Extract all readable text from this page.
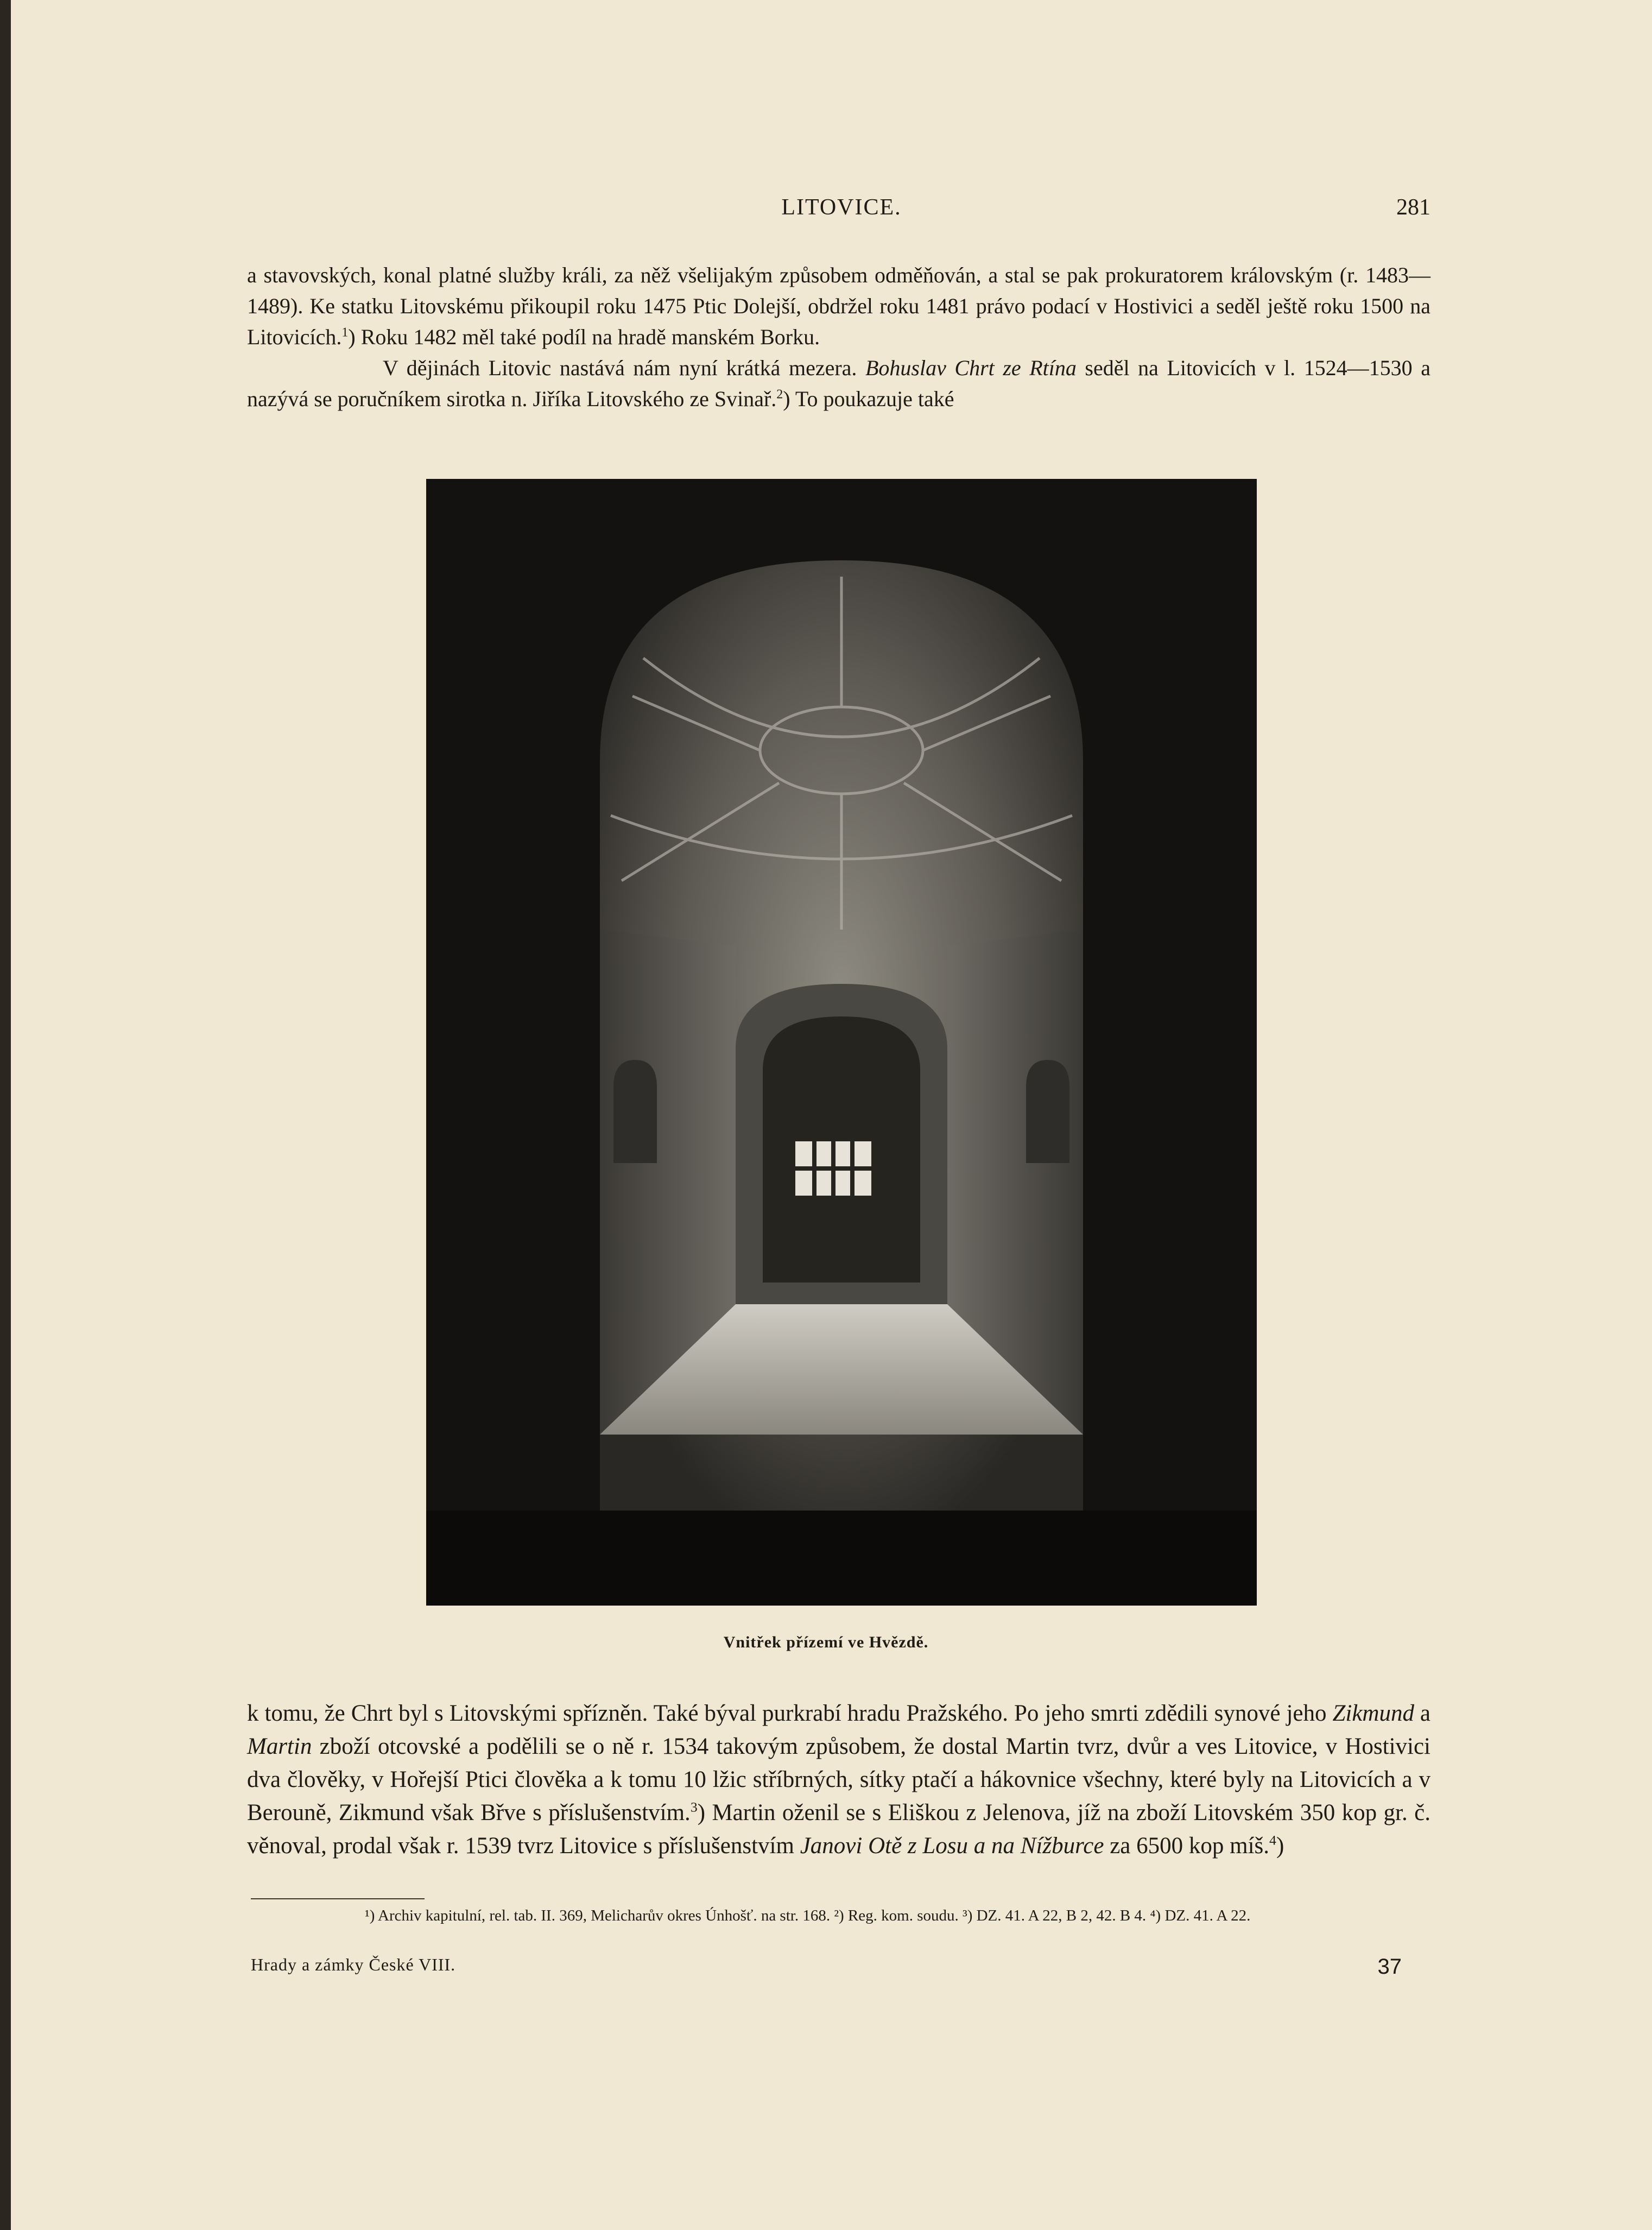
LITOVICE.	281

a stavovských, konal platné služby králi, za něž všelijakým způsobem odměňován, a stal se pak prokuratorem královským (r. 1483—1489). Ke statku Litovskému přikoupil roku 1475 Ptic Dolejší, obdržel roku 1481 právo podací v Hostivici a seděl ještě roku 1500 na Litovicích.$^1$) Roku 1482 měl také podíl na hradě manském Borku.

V dějinách Litovic nastává nám nyní krátká mezera. Bohuslav Chrt ze Rtína seděl na Litovicích v l. 1524—1530 a nazývá se poručníkem sirotka n. Jiříka Litovského ze Svinař.$^2$) To poukazuje také

Vnitřek přízemí ve Hvězdě.

k tomu, že Chrt byl s Litovskými spřízněn. Také býval purkrabí hradu Pražského. Po jeho smrti zdědili synové jeho Zikmund a Martin zboží otcovské a podělili se o ně r. 1534 takovým způsobem, že dostal Martin tvrz, dvůr a ves Litovice, v Hostivici dva člověky, v Hořejší Ptici člověka a k tomu 10 lžic stříbrných, sítky ptačí a hákovnice všechny, které byly na Litovicích a v Berouně, Zikmund však Břve s příslušenstvím.$^3$) Martin oženil se s Eliškou z Jelenova, jíž na zboží Litovském 350 kop gr. č. věnoval, prodal však r. 1539 tvrz Litovice s příslušenstvím Janovi Otě z Losu a na Nížburce za 6500 kop míš.$^4$)

¹) Archiv kapitulní, rel. tab. II. 369, Melicharův okres Únhošť. na str. 168. ²) Reg. kom. soudu. ³) DZ. 41. A 22, B 2, 42. B 4. ⁴) DZ. 41. A 22.
Hrady a zámky České VIII.	37
